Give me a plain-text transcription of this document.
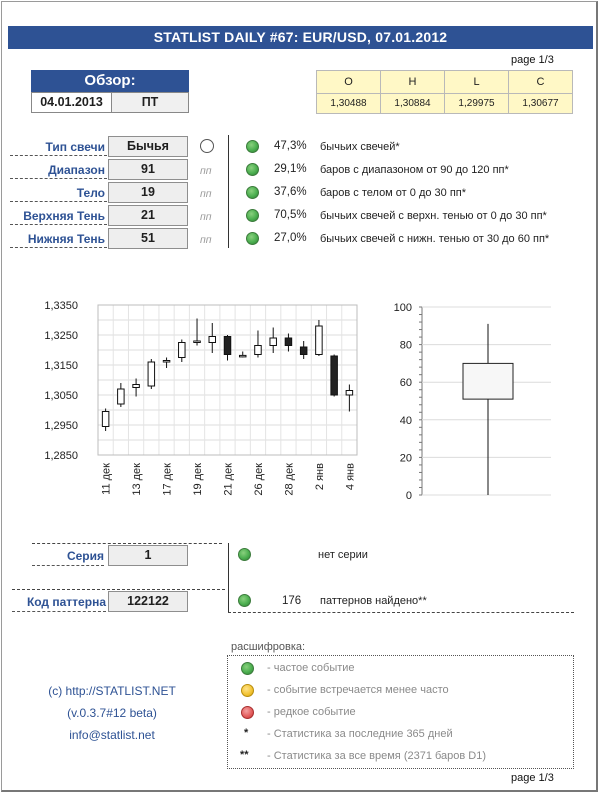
page 1/3
STATLIST DAILY #67: EUR/USD, 07.01.2012
Обзор:
04.01.2013	ПТ
O	H	L	C
1,30488	1,30884	1,29975	1,30677
Тип свечи	Бычья	47,3% бычьих свечей*
Диапазон	91	пп	29,1% баров с диапазоном от 90 до 120 пп*
Тело	19	пп	37,6% баров с телом от 0 до 30 пп*
Верхняя Тень	21	пп	70,5% бычьих свечей с верхн. тенью от 0 до 30 пп*
Нижняя Тень	51	пп	27,0% бычьих свечей с нижн. тенью от 30 до 60 пп*
1,3350
1,3250
1,3150
1,3050
1,2950
1,2850
11 дек 13 дек 17 дек 19 дек 21 дек 26 дек 28 дек 2 янв 4 янв
100
80
60
40
20
0
Серия	1	нет серии
Код паттерна	122122	176 паттернов найдено**
(c) http://STATLIST.NET
(v.0.3.7#12 beta)
info@statlist.net
расшифровка:
- частое событие
- событие встречается менее часто
- редкое событие
* - Статистика за последние 365 дней
** - Статистика за все время (2371 баров D1)
page 1/3
